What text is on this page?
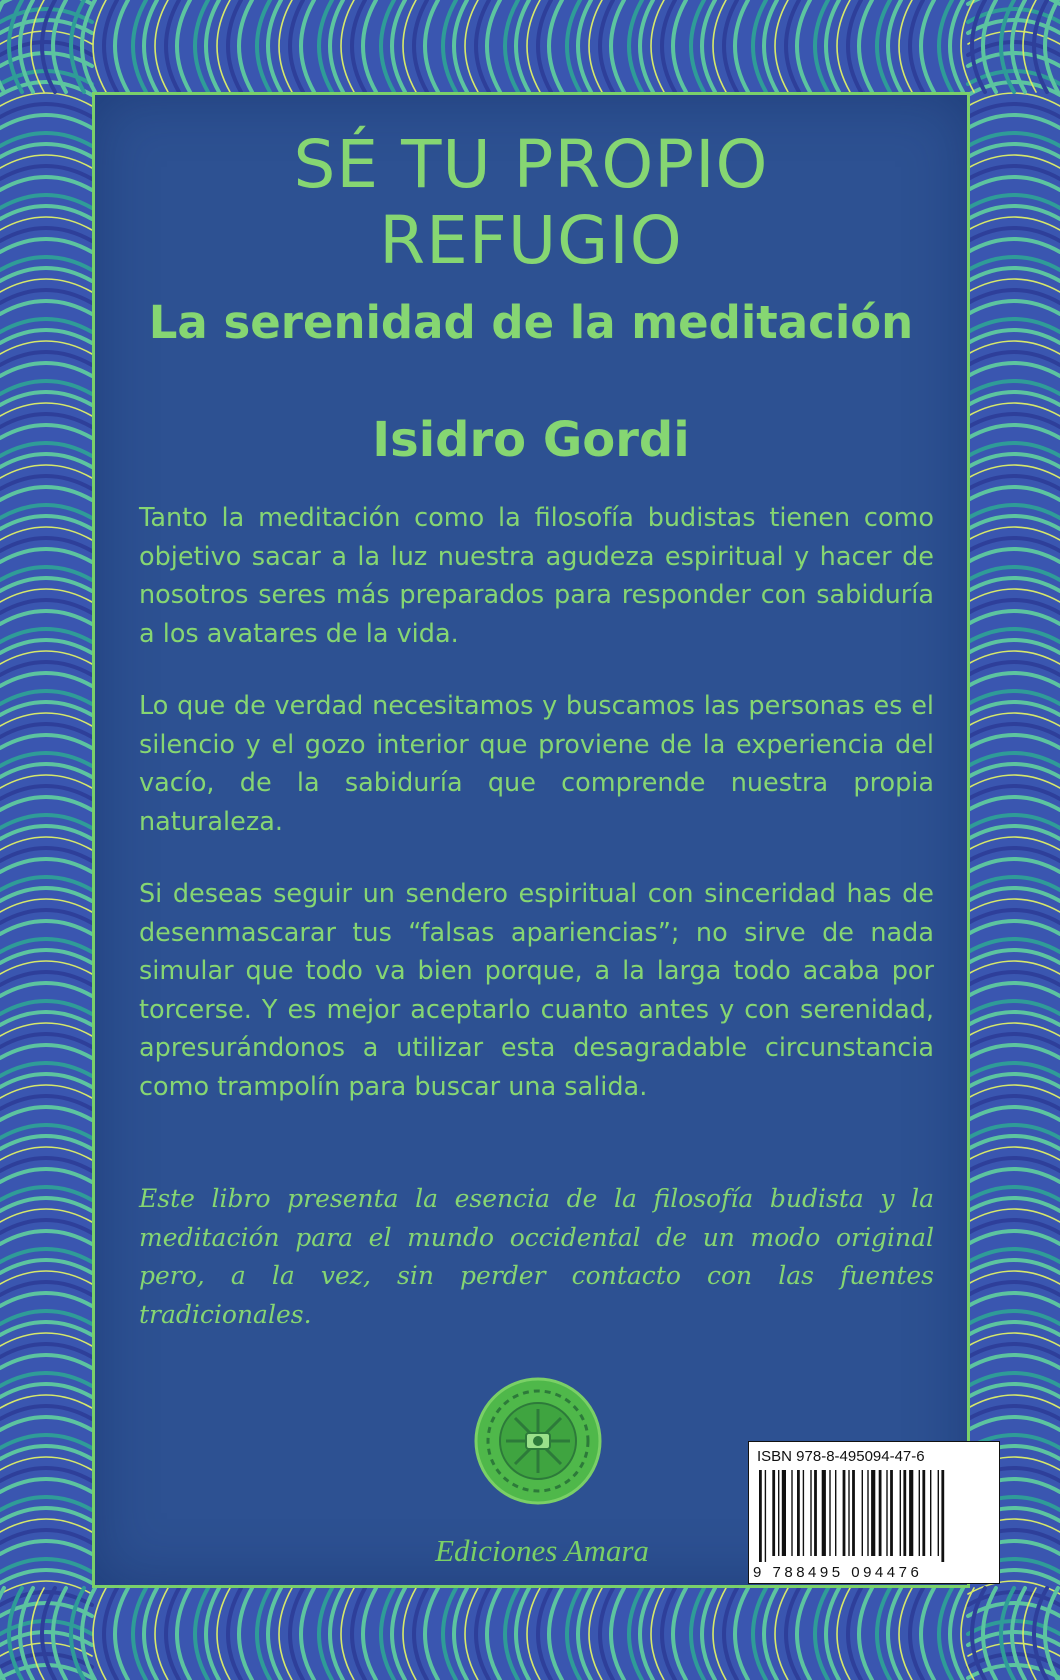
SÉ TU PROPIO
REFUGIO
La serenidad de la meditación
Isidro Gordi

Tanto la meditación como la filosofía budistas tienen como objetivo sacar a la luz nuestra agudeza espiritual y hacer de nosotros seres más preparados para responder con sabiduría a los avatares de la vida.

Lo que de verdad necesitamos y buscamos las personas es el silencio y el gozo interior que proviene de la experiencia del vacío, de la sabiduría que comprende nuestra propia naturaleza.

Si deseas seguir un sendero espiritual con sinceridad has de desenmascarar tus “falsas apariencias”; no sirve de nada simular que todo va bien porque, a la larga todo acaba por torcerse. Y es mejor aceptarlo cuanto antes y con serenidad, apresurándonos a utilizar esta desagradable circunstancia como trampolín para buscar una salida.

Este libro presenta la esencia de la filosofía budista y la meditación para el mundo occidental de un modo original pero, a la vez, sin perder contacto con las fuentes tradicionales.

Ediciones Amara

ISBN 978-8-495094-47-6

9 788495 094476
